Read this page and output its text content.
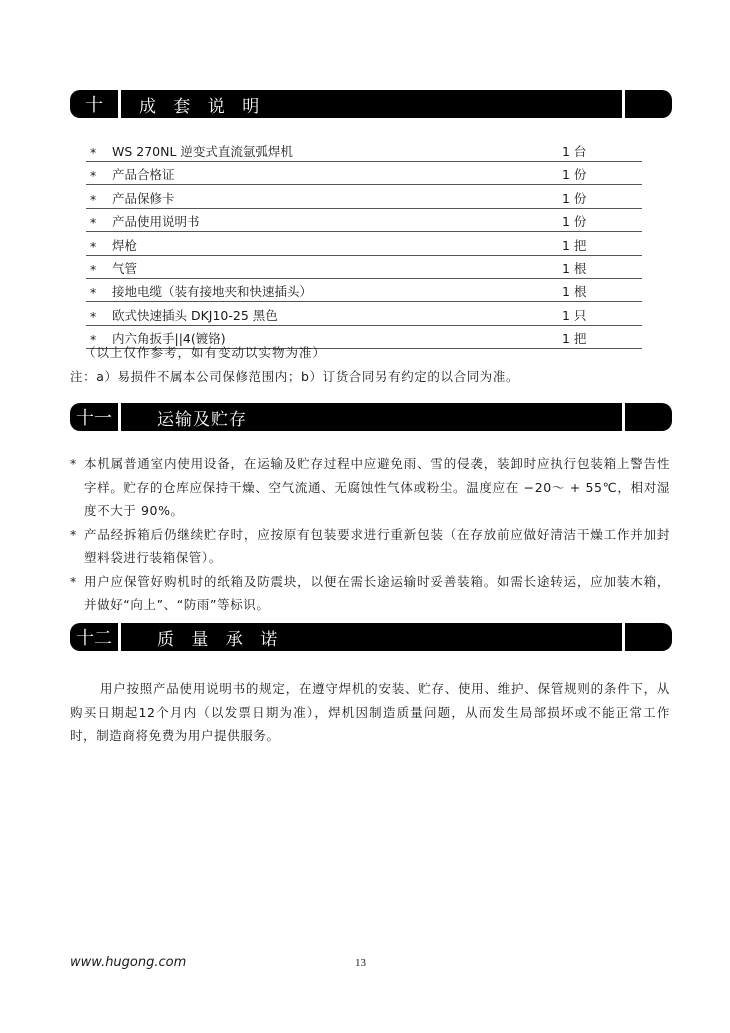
十	成 套 说 明
*	WS 270NL 逆变式直流氩弧焊机	1 台
*	产品合格证	1 份
*	产品保修卡	1 份
*	产品使用说明书	1 份
*	焊枪	1 把
*	气管	1 根
*	接地电缆（装有接地夹和快速插头）	1 根
*	欧式快速插头 DKJ10-25 黑色	1 只
*	内六角扳手||4(镀铬)	1 把
（以上仅作参考，如有变动以实物为准）
注：a）易损件不属本公司保修范围内；b）订货合同另有约定的以合同为准。
十一	运输及贮存
* 本机属普通室内使用设备，在运输及贮存过程中应避免雨、雪的侵袭，装卸时应执行包装箱上警告性字样。贮存的仓库应保持干燥、空气流通、无腐蚀性气体或粉尘。温度应在 −20～ + 55℃，相对湿度不大于 90%。
* 产品经拆箱后仍继续贮存时，应按原有包装要求进行重新包装（在存放前应做好清洁干燥工作并加封塑料袋进行装箱保管）。
* 用户应保管好购机时的纸箱及防震块，以便在需长途运输时妥善装箱。如需长途转运，应加装木箱，并做好“向上”、“防雨”等标识。
十二	质 量 承 诺
用户按照产品使用说明书的规定，在遵守焊机的安装、贮存、使用、维护、保管规则的条件下，从购买日期起12个月内（以发票日期为准），焊机因制造质量问题，从而发生局部损坏或不能正常工作时，制造商将免费为用户提供服务。
www.hugong.com	13
